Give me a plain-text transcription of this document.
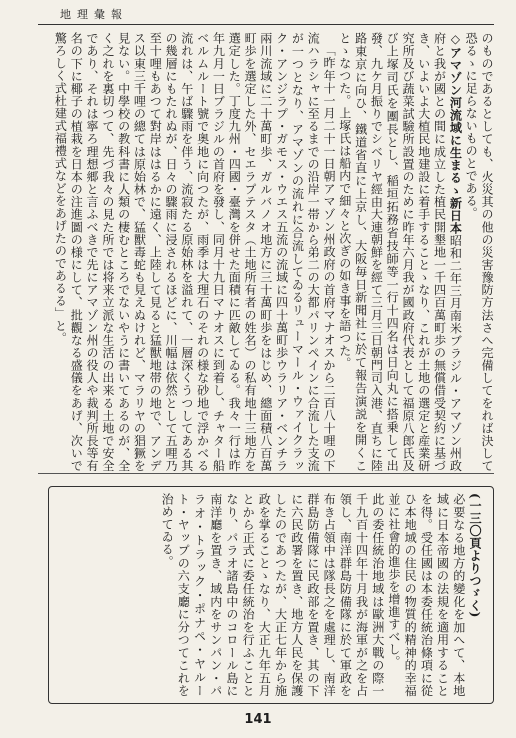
地理彙報

のものであるとしても、火災其の他の災害豫防方法さへ完備してをれば決して恐るゝに足らないものとである。

◇アマゾン河流域に生まるゝ新日本昭和二年三月南米ブラジル・アマゾン州政府と我が國との間に成立した植民開墾地一千四百萬町歩の無償借受契約に基づき、いよいよ大植民地建設に着手することゝなり、これが土地の選定と産業研究所及び蔬菜試驗所設置のために昨年六月我が國政府代表として福原八郎氏及び上塚司氏を團長とし、稲垣拓務省技師等一行十四名は日向丸に搭乗して出發、九ケ月振りでシベリヤ經由大連朝鮮を經て三月三日朝門司入港、直ちに陸路東京に向ひ、鐵道省直に上京し、大阪毎日新聞社に於て報告演説を開くことゝなつた。上塚氏は船内で細々と次ぎの如き事を語つた。

「昨年十一月二十一日朝アマゾン州政府の首府マナオスから二百八十哩の下流ハラシャに至るまでの沿岸一帯から弟二の大都パリンペインに合流した支流が一つとなり、アマゾンの流れに合流してゐるリューマール・ウァイクラック・アンジラプ・ガモス・ウエス五流の流域に四十萬町歩ウラリア・ベンチラ兩川流域に二十萬町歩、ガルバノオ地方に三十萬町歩をはじめ、總面積八百萬町歩を選定した外、セエラプテスタ（土地所有者の姓名）の私有地十三地方を選定した。丁度九州・四國・臺灣を併せた面積に匹敵してゐる。我々一行は昨年九月一日ブラジルの首府を發し、同月十九日マナオスに到着し、チャター船ベルムルート號で奥地に向つたが、雨季は大理石のそれの様な砂地で浮かべる流れは、午ば驟雨を伴う、流寂たる原始林を溢れて、一層深くうつしてある其の幾層にもたれぬが、日々の驟雨に浸されるほどに、川幅は依然として五哩乃至十哩もあつて對岸ははるかに遠く、上陸して見ると猛獸地帯の地で、アンデス以東三千哩の總ては原始林で、猛獸毒蛇も見えぬけれど、マラリヤの猖獗を見ない。中學校の教科書に人類の棲むところでないやうに書いてあるのが、全く之れを裏切つて、先づ我々の見た所では将来立派な生活の出来る土地で安全であり、それは寧ろ理想郷と言ふべきで先にアマゾン州の役人や裁判所長等有名の下に椰子の植栽を日本の注進圖の様にして、批觀なる盛儀をあげ、次いで驚ろしく式杜建式福禮式などをあげたのであるる」と。

(一三〇頁よりつゞく)

必要なる地方的變化を加へて、本地域に日本帝國の法規を適用することを得。受任國は本委任統治條項に從ひ本地域の住民の物質的精神的幸福並に社會的進歩を增進すべし。

此の委任統治地域は歐洲大戰の際一千九百十四年十月我が海軍が之を占領し、南洋群島防備隊に於て軍政を布き占領中は隊長之を處理し、南洋群島防備隊に民政部を置き、其の下に六民政署を置き、地方人民を保護したのであつたが、大正七年から施政を掌ることゝなり、大正九年五月とから正式に委任統治を行ふこととなり、パラオ諸島中のコロール島に南洋廳を置き、域内をサンパン・パラオ・トラック・ポナペ・ヤルート・ヤップの六支廳に分つてこれを治めてゐる。

141
